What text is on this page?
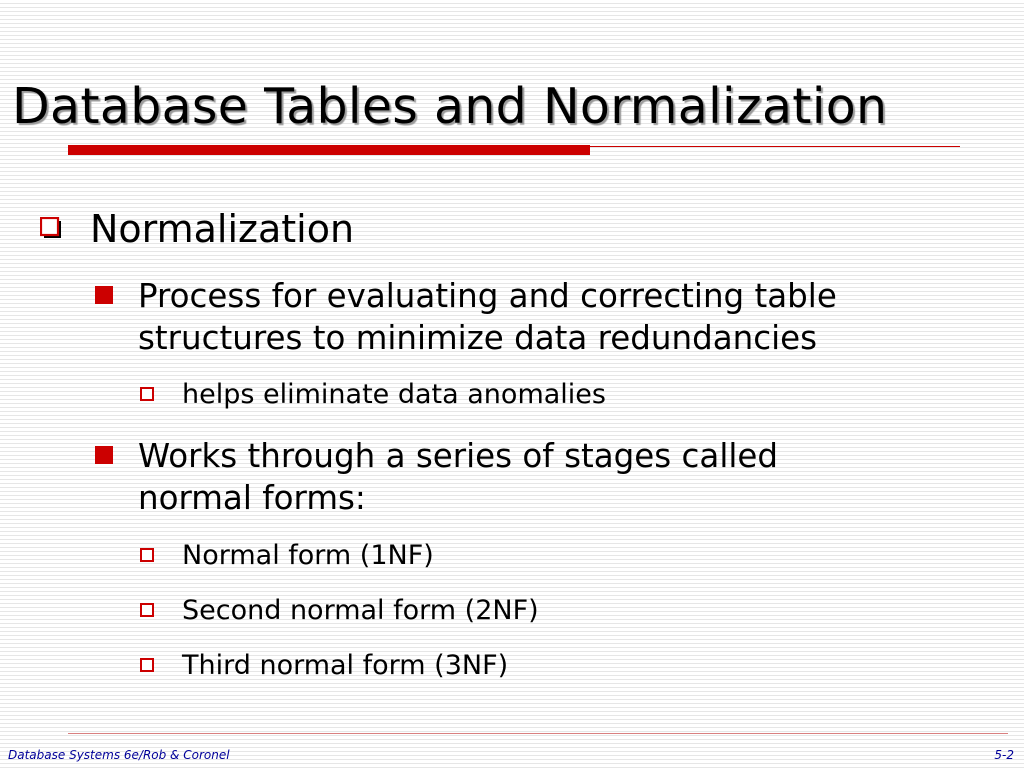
Database Tables and Normalization
Normalization
Process for evaluating and correcting table
structures to minimize data redundancies
helps eliminate data anomalies
Works through a series of stages called
normal forms:
Normal form (1NF)
Second normal form (2NF)
Third normal form (3NF)
Database Systems 6e/Rob & Coronel	5-2
